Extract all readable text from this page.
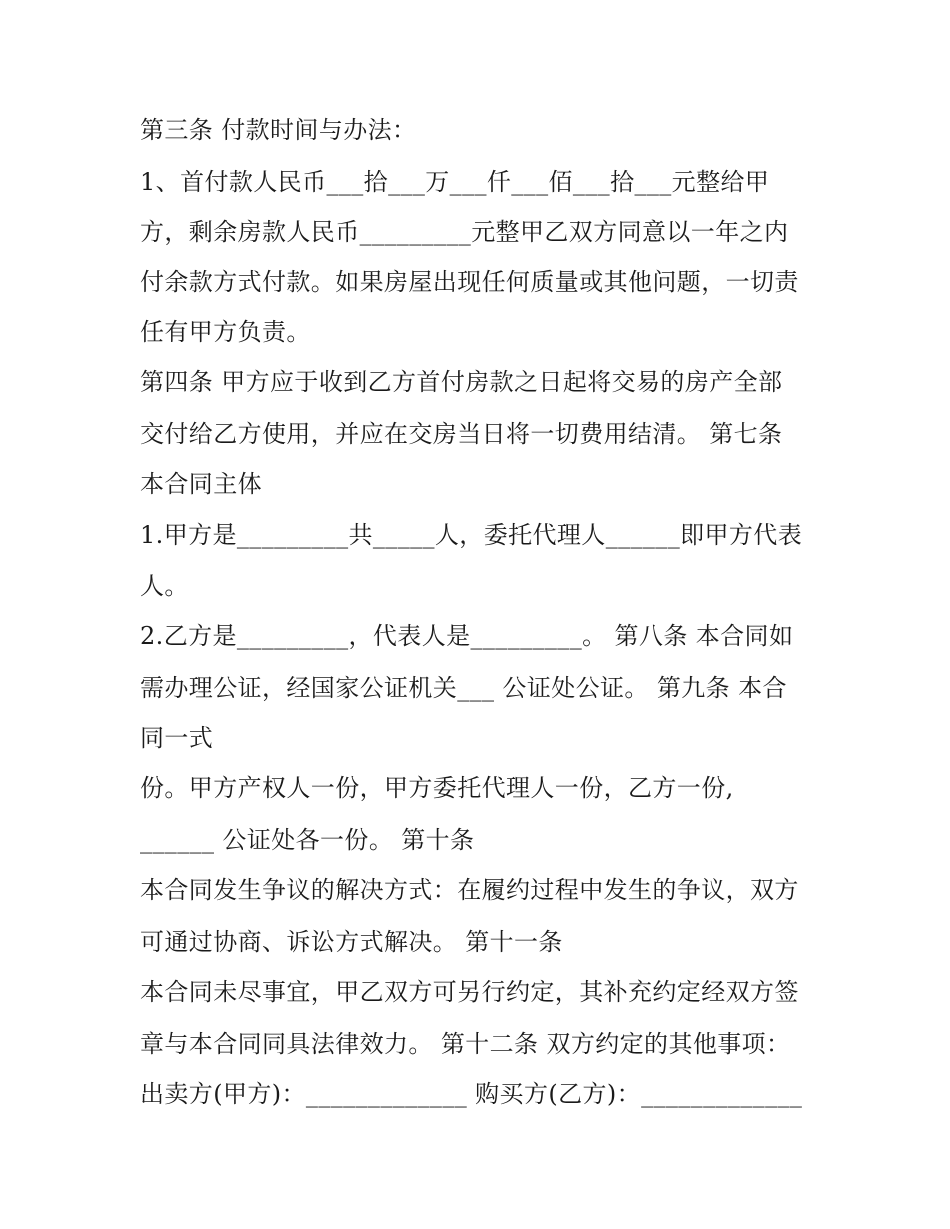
第三条 付款时间与办法：
1、首付款人民币___拾___万___仟___佰___拾___元整给甲
方，剩余房款人民币_________元整甲乙双方同意以一年之内
付余款方式付款。如果房屋出现任何质量或其他问题，一切责
任有甲方负责。
第四条 甲方应于收到乙方首付房款之日起将交易的房产全部
交付给乙方使用，并应在交房当日将一切费用结清。 第七条
本合同主体
1.甲方是_________共_____人，委托代理人______即甲方代表
人。
2.乙方是_________，代表人是_________。 第八条 本合同如
需办理公证，经国家公证机关___ 公证处公证。 第九条 本合
同一式
份。甲方产权人一份，甲方委托代理人一份，乙方一份,
______ 公证处各一份。 第十条
本合同发生争议的解决方式：在履约过程中发生的争议，双方
可通过协商、诉讼方式解决。 第十一条
本合同未尽事宜，甲乙双方可另行约定，其补充约定经双方签
章与本合同同具法律效力。 第十二条 双方约定的其他事项：
出卖方(甲方)：_____________ 购买方(乙方)：_____________
